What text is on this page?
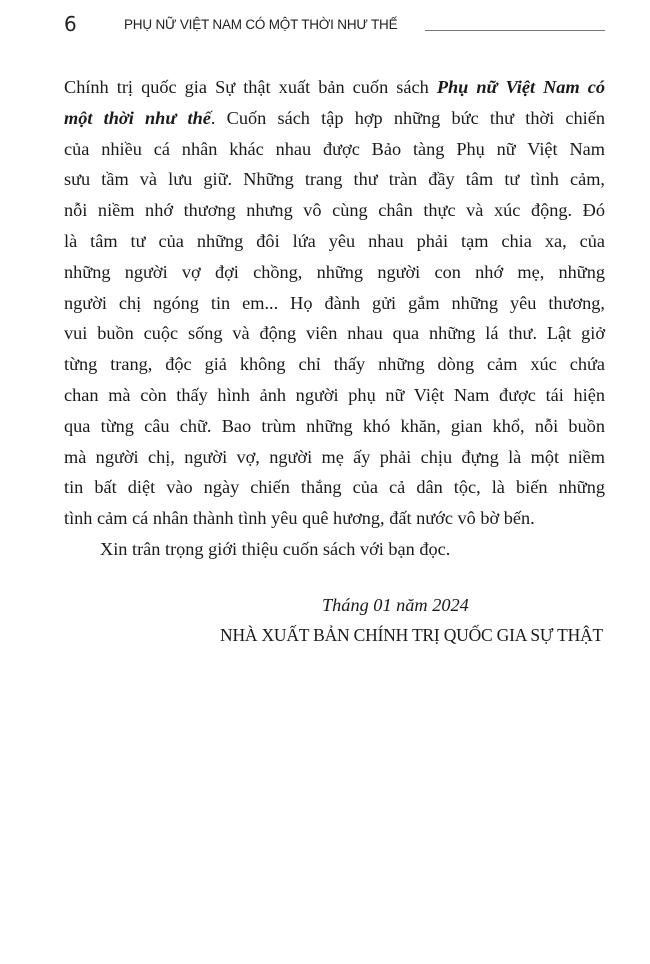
6	PHỤ NỮ VIỆT NAM CÓ MỘT THỜI NHƯ THẾ
Chính trị quốc gia Sự thật xuất bản cuốn sách Phụ nữ Việt Nam có
một thời như thế. Cuốn sách tập hợp những bức thư thời chiến
của nhiều cá nhân khác nhau được Bảo tàng Phụ nữ Việt Nam
sưu tầm và lưu giữ. Những trang thư tràn đầy tâm tư tình cảm,
nỗi niềm nhớ thương nhưng vô cùng chân thực và xúc động. Đó
là tâm tư của những đôi lứa yêu nhau phải tạm chia xa, của
những người vợ đợi chồng, những người con nhớ mẹ, những
người chị ngóng tin em... Họ đành gửi gắm những yêu thương,
vui buồn cuộc sống và động viên nhau qua những lá thư. Lật giở
từng trang, độc giả không chỉ thấy những dòng cảm xúc chứa
chan mà còn thấy hình ảnh người phụ nữ Việt Nam được tái hiện
qua từng câu chữ. Bao trùm những khó khăn, gian khổ, nỗi buồn
mà người chị, người vợ, người mẹ ấy phải chịu đựng là một niềm
tin bất diệt vào ngày chiến thắng của cả dân tộc, là biến những
tình cảm cá nhân thành tình yêu quê hương, đất nước vô bờ bến.
Xin trân trọng giới thiệu cuốn sách với bạn đọc.
Tháng 01 năm 2024
NHÀ XUẤT BẢN CHÍNH TRỊ QUỐC GIA SỰ THẬT
